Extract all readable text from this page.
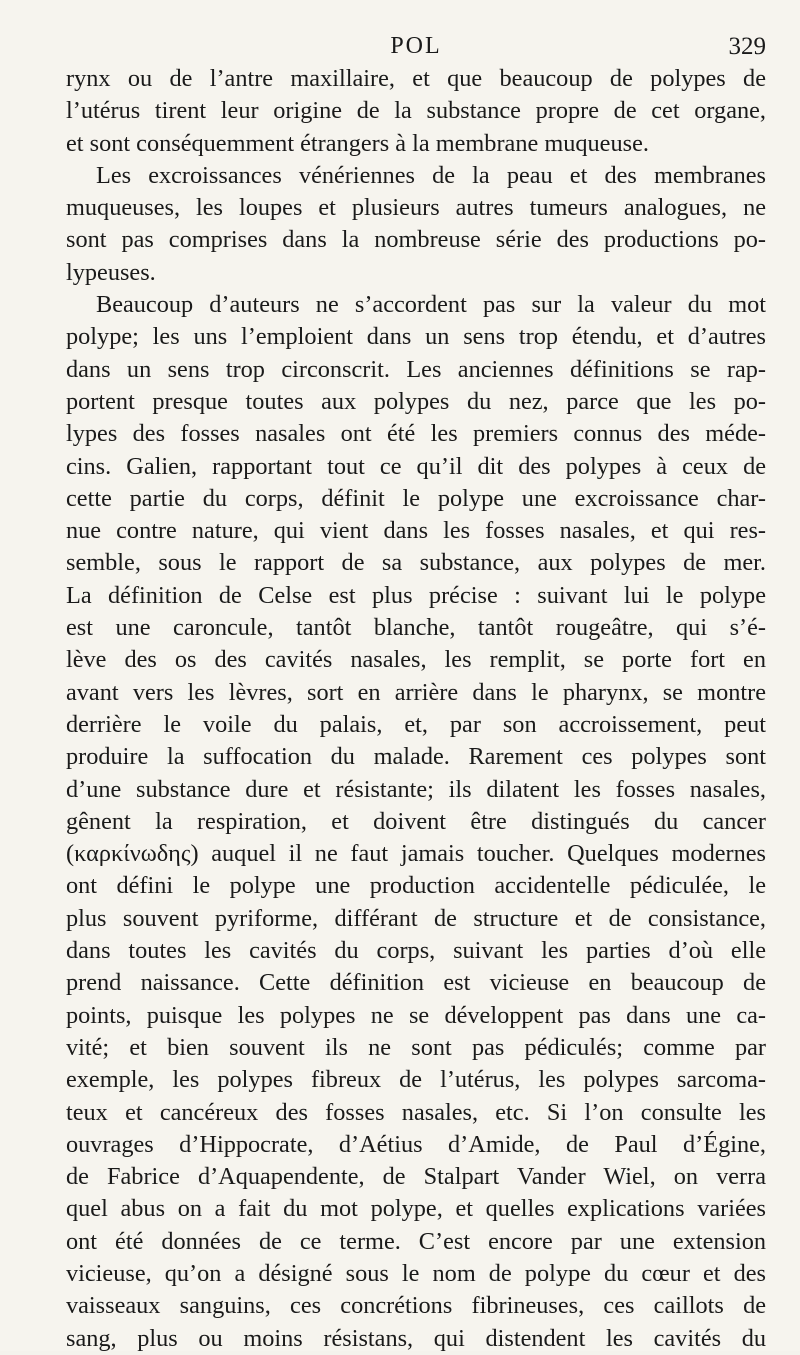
POL	329
rynx ou de l’antre maxillaire, et que beaucoup de polypes de
l’utérus tirent leur origine de la substance propre de cet organe,
et sont conséquemment étrangers à la membrane muqueuse.
Les excroissances vénériennes de la peau et des membranes
muqueuses, les loupes et plusieurs autres tumeurs analogues, ne
sont pas comprises dans la nombreuse série des productions po-
lypeuses.
Beaucoup d’auteurs ne s’accordent pas sur la valeur du mot
polype; les uns l’emploient dans un sens trop étendu, et d’autres
dans un sens trop circonscrit. Les anciennes définitions se rap-
portent presque toutes aux polypes du nez, parce que les po-
lypes des fosses nasales ont été les premiers connus des méde-
cins. Galien, rapportant tout ce qu’il dit des polypes à ceux de
cette partie du corps, définit le polype une excroissance char-
nue contre nature, qui vient dans les fosses nasales, et qui res-
semble, sous le rapport de sa substance, aux polypes de mer.
La définition de Celse est plus précise : suivant lui le polype
est une caroncule, tantôt blanche, tantôt rougeâtre, qui s’é-
lève des os des cavités nasales, les remplit, se porte fort en
avant vers les lèvres, sort en arrière dans le pharynx, se montre
derrière le voile du palais, et, par son accroissement, peut
produire la suffocation du malade. Rarement ces polypes sont
d’une substance dure et résistante; ils dilatent les fosses nasales,
gênent la respiration, et doivent être distingués du cancer
(καρκίνωδης) auquel il ne faut jamais toucher. Quelques modernes
ont défini le polype une production accidentelle pédiculée, le
plus souvent pyriforme, différant de structure et de consistance,
dans toutes les cavités du corps, suivant les parties d’où elle
prend naissance. Cette définition est vicieuse en beaucoup de
points, puisque les polypes ne se développent pas dans une ca-
vité; et bien souvent ils ne sont pas pédiculés; comme par
exemple, les polypes fibreux de l’utérus, les polypes sarcoma-
teux et cancéreux des fosses nasales, etc. Si l’on consulte les
ouvrages d’Hippocrate, d’Aétius d’Amide, de Paul d’Égine,
de Fabrice d’Aquapendente, de Stalpart Vander Wiel, on verra
quel abus on a fait du mot polype, et quelles explications variées
ont été données de ce terme. C’est encore par une extension
vicieuse, qu’on a désigné sous le nom de polype du cœur et des
vaisseaux sanguins, ces concrétions fibrineuses, ces caillots de
sang, plus ou moins résistans, qui distendent les cavités du
